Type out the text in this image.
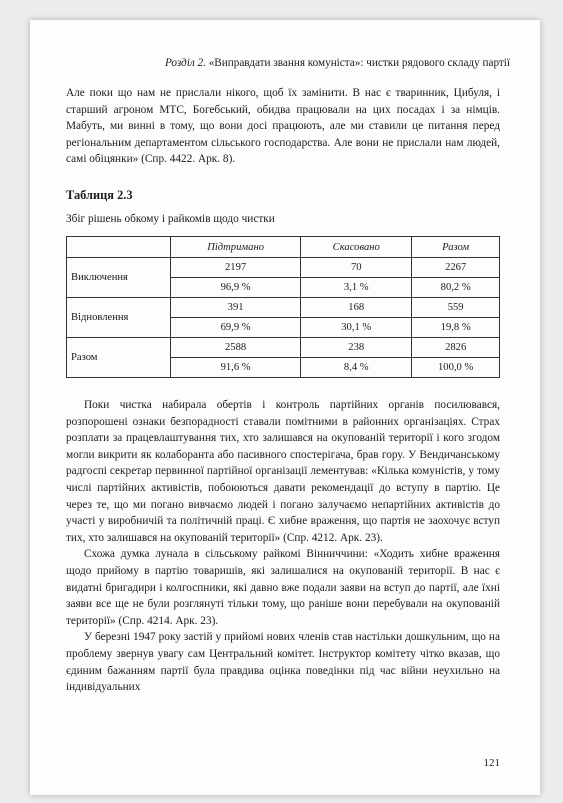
Розділ 2. «Виправдати звання комуніста»: чистки рядового складу партії

Але поки що нам не прислали нікого, щоб їх замінити. В нас є тваринник, Цибуля, і старший агроном МТС, Богебський, обидва працювали на цих посадах і за німців. Мабуть, ми винні в тому, що вони досі працюють, але ми ставили це питання перед регіональним департаментом сільського господарства. Але вони не прислали нам людей, самі обіцянки» (Спр. 4422. Арк. 8).

Таблиця 2.3
Збіг рішень обкому і райкомів щодо чистки
	Підтримано	Скасовано	Разом
Виключення	2197	70	2267
	96,9 %	3,1 %	80,2 %
Відновлення	391	168	559
	69,9 %	30,1 %	19,8 %
Разом	2588	238	2826
	91,6 %	8,4 %	100,0 %

Поки чистка набирала обертів і контроль партійних органів посилювався, розпорошені ознаки безпорадності ставали помітними в районних організаціях. Страх розплати за працевлаштування тих, хто залишався на окупованій території і кого згодом могли викрити як колаборанта або пасивного спостерігача, брав гору. У Вендичанському радгоспі секретар первинної партійної організації лементував: «Кілька комуністів, у тому числі партійних активістів, побоюються давати рекомендації до вступу в партію. Це через те, що ми погано вивчаємо людей і погано залучаємо непартійних активістів до участі у виробничій та політичній праці. Є хибне враження, що партія не заохочує вступ тих, хто залишався на окупованій території» (Спр. 4212. Арк. 23).

Схожа думка лунала в сільському райкомі Вінниччини: «Ходить хибне враження щодо прийому в партію товаришів, які залишалися на окупованій території. В нас є видатні бригадири і колгоспники, які давно вже подали заяви на вступ до партії, але їхні заяви все ще не були розглянуті тільки тому, що раніше вони перебували на окупованій території» (Спр. 4214. Арк. 23).

У березні 1947 року застій у прийомі нових членів став настільки дошкульним, що на проблему звернув увагу сам Центральний комітет. Інструктор комітету чітко вказав, що єдиним бажанням партії була правдива оцінка поведінки під час війни неухильно на індивідуальних

121
